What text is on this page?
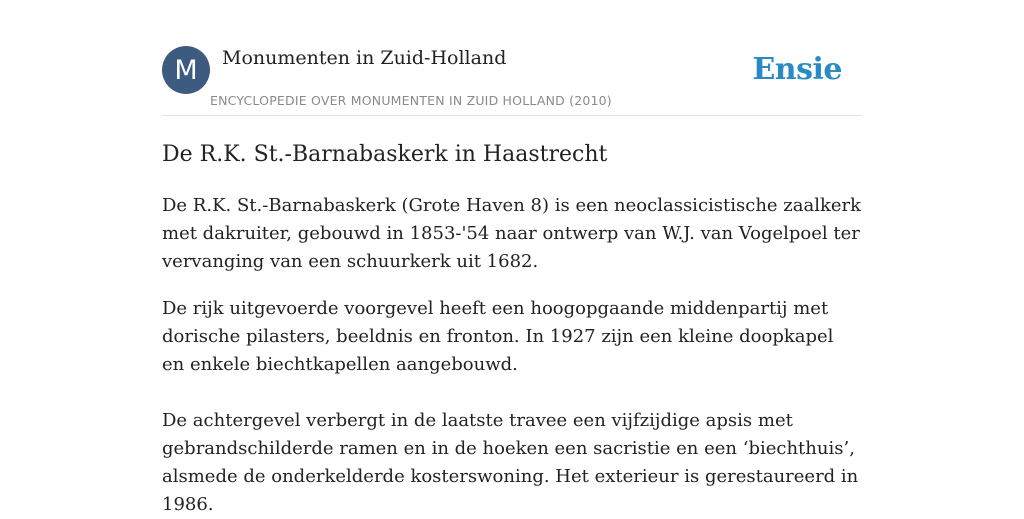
M Monumenten in Zuid-Holland
ENCYCLOPEDIE OVER MONUMENTEN IN ZUID HOLLAND (2010)
Ensie
De R.K. St.-Barnabaskerk in Haastrecht

De R.K. St.-Barnabaskerk (Grote Haven 8) is een neoclassicistische zaalkerk met dakruiter, gebouwd in 1853-'54 naar ontwerp van W.J. van Vogelpoel ter vervanging van een schuurkerk uit 1682.

De rijk uitgevoerde voorgevel heeft een hoogopgaande middenpartij met dorische pilasters, beeldnis en fronton. In 1927 zijn een kleine doopkapel en enkele biechtkapellen aangebouwd.

De achtergevel verbergt in de laatste travee een vijfzijdige apsis met gebrandschilderde ramen en in de hoeken een sacristie en een ‘biechthuis’, alsmede de onderkelderde kosterswoning. Het exterieur is gerestaureerd in 1986.
